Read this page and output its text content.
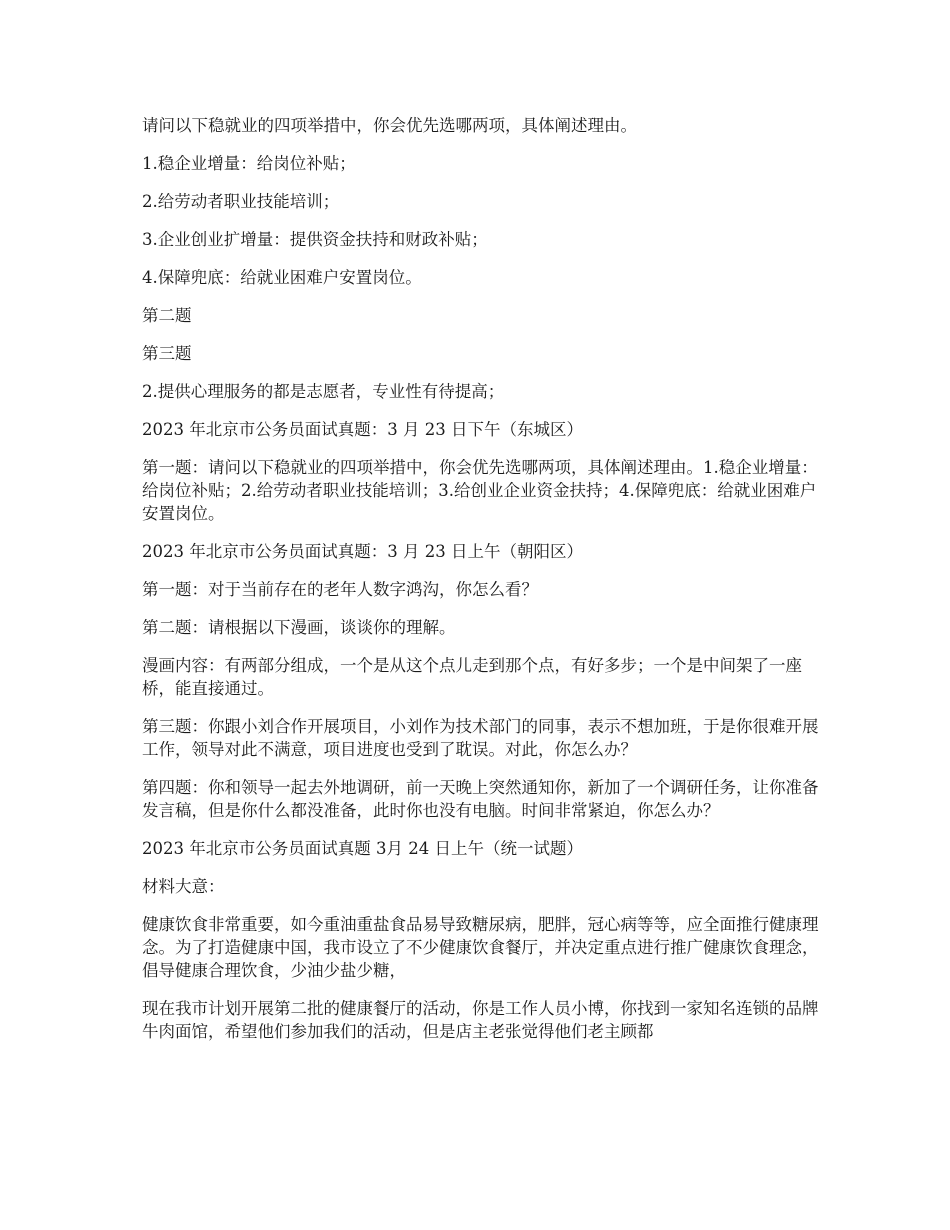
请问以下稳就业的四项举措中，你会优先选哪两项，具体阐述理由。

1.稳企业增量：给岗位补贴；

2.给劳动者职业技能培训；

3.企业创业扩增量：提供资金扶持和财政补贴；

4.保障兜底：给就业困难户安置岗位。

第二题

第三题

2.提供心理服务的都是志愿者，专业性有待提高；

2023 年北京市公务员面试真题：3 月 23 日下午（东城区）

第一题：请问以下稳就业的四项举措中，你会优先选哪两项，具体阐述理由。1.稳企业增量：给岗位补贴；2.给劳动者职业技能培训；3.给创业企业资金扶持；4.保障兜底：给就业困难户安置岗位。

2023 年北京市公务员面试真题：3 月 23 日上午（朝阳区）

第一题：对于当前存在的老年人数字鸿沟，你怎么看？

第二题：请根据以下漫画，谈谈你的理解。

漫画内容：有两部分组成，一个是从这个点儿走到那个点，有好多步；一个是中间架了一座桥，能直接通过。

第三题：你跟小刘合作开展项目，小刘作为技术部门的同事，表示不想加班，于是你很难开展工作，领导对此不满意，项目进度也受到了耽误。对此，你怎么办？

第四题：你和领导一起去外地调研，前一天晚上突然通知你，新加了一个调研任务，让你准备发言稿，但是你什么都没准备，此时你也没有电脑。时间非常紧迫，你怎么办？

2023 年北京市公务员面试真题 3月 24 日上午（统一试题）

材料大意：

健康饮食非常重要，如今重油重盐食品易导致糖尿病，肥胖，冠心病等等，应全面推行健康理念。为了打造健康中国，我市设立了不少健康饮食餐厅，并决定重点进行推广健康饮食理念，倡导健康合理饮食，少油少盐少糖，

现在我市计划开展第二批的健康餐厅的活动，你是工作人员小博，你找到一家知名连锁的品牌牛肉面馆，希望他们参加我们的活动，但是店主老张觉得他们老主顾都
